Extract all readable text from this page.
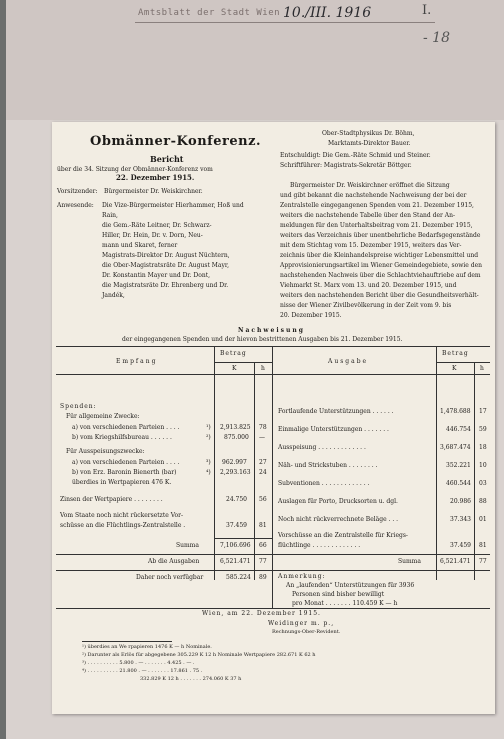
Amtsblatt der Stadt Wien 10./III. 1916	I.
- 18
Obmänner-Konferenz.
Bericht
über die 34. Sitzung der Obmänner-Konferenz vom
22. Dezember 1915.
Vorsitzender: Bürgermeister Dr. Weiskirchner.
Anwesende: Die Vize-Bürgermeister Hierhammer, Hoß und
Rain,
die Gem.-Räte Leitner, Dr. Schwarz-
Hiller, Dr. Hein, Dr. v. Dorn, Neu-
mann und Skaret, ferner
Magistrats-Direktor Dr. August Nüchtern,
die Ober-Magistratsräte Dr. August Mayr,
Dr. Konstantin Mayer und Dr. Dont,
die Magistratsräte Dr. Ehrenberg und Dr.
Jandék,
Ober-Stadtphysikus Dr. Böhm,
Marktamts-Direktor Bauer.
Entschuldigt: Die Gem.-Räte Schmid und Steiner.
Schriftführer: Magistrats-Sekretär Böttger.
Bürgermeister Dr. Weiskirchner eröffnet die Sitzung
und gibt bekannt die nachstehende Nachweisung der bei der
Zentralstelle eingegangenen Spenden vom 21. Dezember 1915,
weiters die nachstehende Tabelle über den Stand der An-
meldungen für den Unterhaltsbeitrag vom 21. Dezember 1915,
weiters das Verzeichnis über unentbehrliche Bedarfsgegenstände
mit dem Stichtag vom 15. Dezember 1915, weiters das Ver-
zeichnis über die Kleinhandelspreise wichtiger Lebensmittel und
Approvisionierungsartikel im Wiener Gemeindegebiete, sowie den
nachstehenden Nachweis über die Schlachtviehauftriebe auf dem
Viehmarkt St. Marx vom 13. und 20. Dezember 1915, und
weiters den nachstehenden Bericht über die Gesundheitsverhält-
nisse der Wiener Zivilbevölkerung in der Zeit vom 9. bis
20. Dezember 1915.
Nachweisung
der eingegangenen Spenden und der hievon bestrittenen Ausgaben bis 21. Dezember 1915.
Empfang	Ausgabe
Betrag	Betrag
K	h	K	h
Spenden:
Für allgemeine Zwecke:
a) von verschiedenen Parteien . . . .	¹) 2,913.825 78
b) vom Kriegshilfsbureau . . . . . .	²) 875.000 —
Für Ausspeisungszwecke:
a) von verschiedenen Parteien . . . .	³) 962.997 27
b) von Erz. Baronin Bienerth (bar)	⁴) 2,293.163 24
überdies in Wertpapieren 476 K.
Zinsen der Wertpapiere . . . . . . . .	24.750 56
Vom Staate noch nicht rückersetzte Vor-
schüsse an die Flüchtlings-Zentralstelle .	37.459 81
Summa	7,106.696 66
Ab die Ausgaben	6,521.471 77
Daher noch verfügbar	585.224 89
Fortlaufende Unterstützungen . . . . . .	1,478.688 17
Einmalige Unterstützungen . . . . . . .	446.754 59
Ausspeisung . . . . . . . . . . . . .	3,687.474 18
Näh- und Strickstuben . . . . . . . .	352.221 10
Subventionen . . . . . . . . . . . . .	460.544 03
Auslagen für Porto, Drucksorten u. dgl.	20.986 88
Noch nicht rückverrechnete Beläge . . .	37.343 01
Vorschüsse an die Zentralstelle für Kriegs-
flüchtlinge . . . . . . . . . . . . .	37.459 81
Summa	6,521.471 77
Anmerkung:
An „laufenden“ Unterstützungen für 3936
Personen sind bisher bewilligt
pro Monat . . . . . . . 110.459 K — h
Wien, am 22. Dezember 1915.
Weidinger m. p.,
Rechnungs-Ober-Revident.
¹) überdies an We rpapieren 1476 K — h Nominale.
²) Darunter als Erlös für abgegebene 305.229 K 12 h Nominale Wertpapiere 282.671 K 62 h
³) . . . . . . . . . . 5.800 . — . . . . . . . 4.425 . — .
⁴) . . . . . . . . . . 21.800 . — . . . . . . . 17.861 . 75 .
332.829 K 12 h . . . . . . . 274.060 K 37 h
